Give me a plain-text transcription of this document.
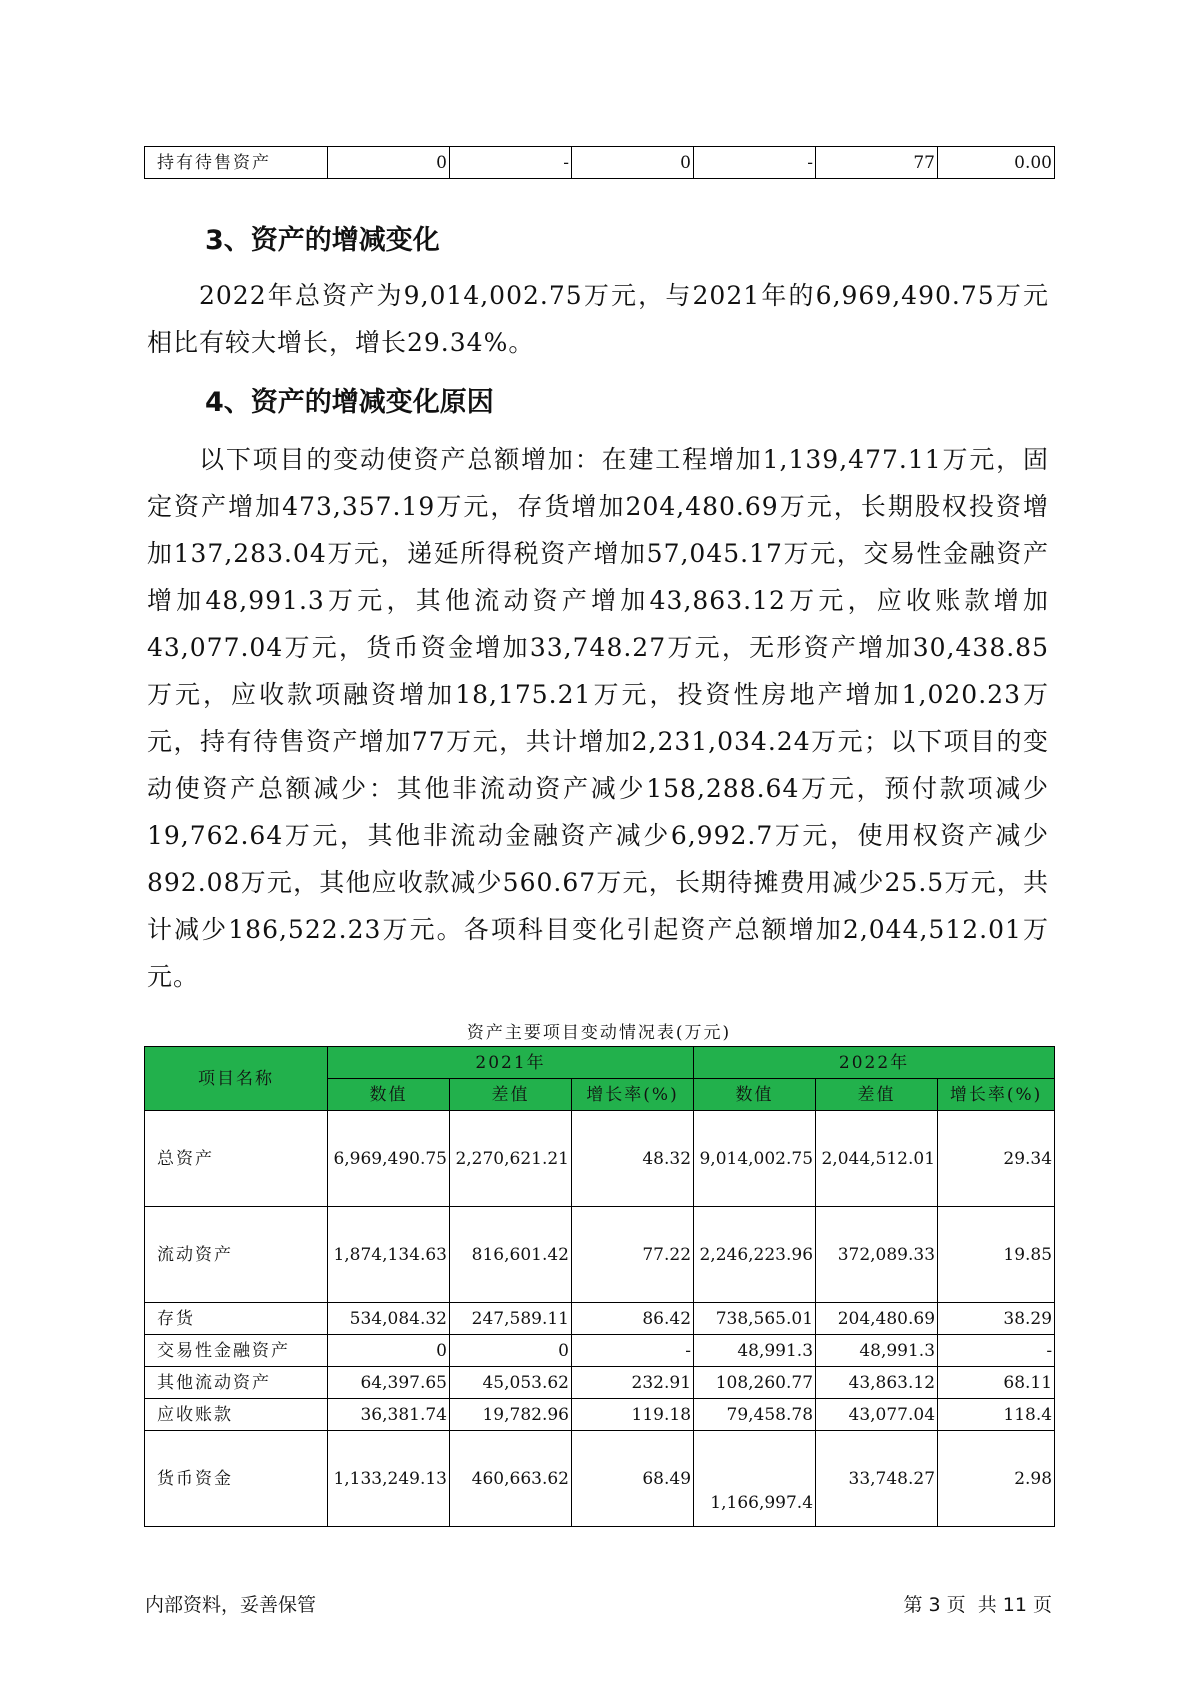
持有待售资产	0	-	0	-	77	0.00
3、资产的增减变化
2022年总资产为9,014,002.75万元，与2021年的6,969,490.75万元相比有较大增长，增长29.34%。
4、资产的增减变化原因
以下项目的变动使资产总额增加：在建工程增加1,139,477.11万元，固定资产增加473,357.19万元，存货增加204,480.69万元，长期股权投资增加137,283.04万元，递延所得税资产增加57,045.17万元，交易性金融资产增加48,991.3万元，其他流动资产增加43,863.12万元，应收账款增加43,077.04万元，货币资金增加33,748.27万元，无形资产增加30,438.85万元，应收款项融资增加18,175.21万元，投资性房地产增加1,020.23万元，持有待售资产增加77万元，共计增加2,231,034.24万元；以下项目的变动使资产总额减少：其他非流动资产减少158,288.64万元，预付款项减少19,762.64万元，其他非流动金融资产减少6,992.7万元，使用权资产减少892.08万元，其他应收款减少560.67万元，长期待摊费用减少25.5万元，共计减少186,522.23万元。各项科目变化引起资产总额增加2,044,512.01万元。
资产主要项目变动情况表(万元)
项目名称	2021年			2022年		
	数值	差值	增长率(%)	数值	差值	增长率(%)
总资产	6,969,490.75	2,270,621.21	48.32	9,014,002.75	2,044,512.01	29.34
流动资产	1,874,134.63	816,601.42	77.22	2,246,223.96	372,089.33	19.85
存货	534,084.32	247,589.11	86.42	738,565.01	204,480.69	38.29
交易性金融资产	0	0	-	48,991.3	48,991.3	-
其他流动资产	64,397.65	45,053.62	232.91	108,260.77	43,863.12	68.11
应收账款	36,381.74	19,782.96	119.18	79,458.78	43,077.04	118.4
货币资金	1,133,249.13	460,663.62	68.49	1,166,997.4	33,748.27	2.98
内部资料，妥善保管	第 3 页  共 11 页
